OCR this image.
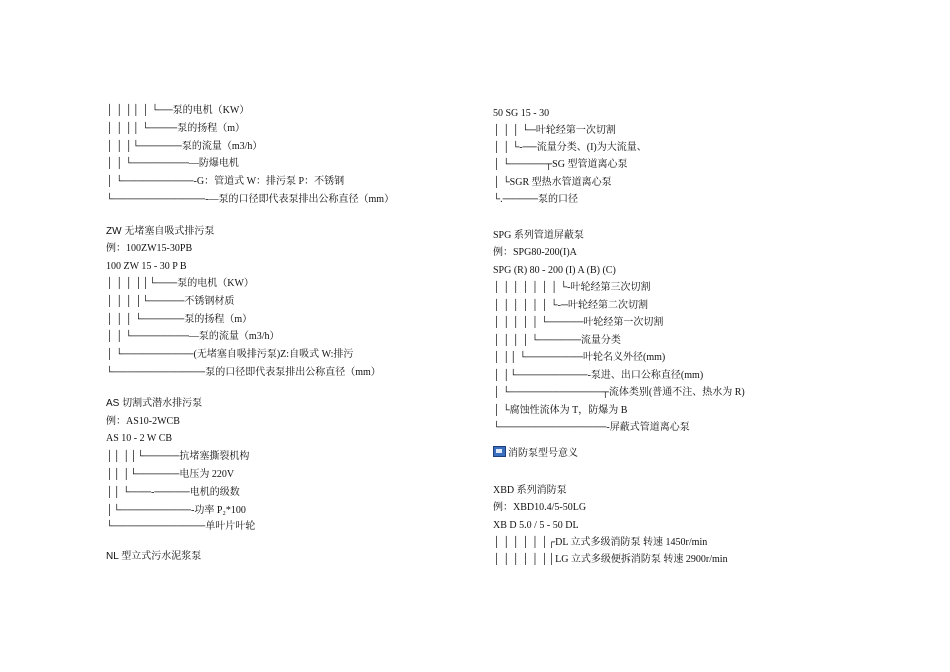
│ │ ││ │ └──泵的电机（KW）
│ │ ││ └────泵的扬程（m）
│ │ │└──────泵的流量（m3/h）
│ │ └────────—防爆电机
│ └──────────-G：管道式 W：排污泵 P：不锈钢
└─────────────-—泵的口径即代表泵排出公称直径（mm）
ZW 无堵塞自吸式排污泵
例：100ZW15-30PB
100 ZW 15 - 30 P B
│ │ │ ││└───泵的电机（KW）
│ │ │ │└─────不锈钢材质
│ │ │ └──────泵的扬程（m）
│ │ └────────—泵的流量（m3/h）
│ └──────────(无堵塞自吸排污泵)Z:自吸式 W:排污
└─────────────泵的口径即代表泵排出公称直径（mm）
AS 切割式潜水排污泵
例：AS10-2WCB
AS 10 - 2 W CB
││ ││└─────抗堵塞撕裂机构
││ │└──────电压为 220V
││ └───-─────电机的级数
│└──────────-功率 P₂*100
└─────────────单叶片叶轮
NL 型立式污水泥浆泵
50 SG 15 - 30
│ │ │ └─叶轮经第一次切割
│ │ └-──流量分类、(I)为大流量、
│ └─────┬SG 型管道离心泵
│ └SGR 型热水管道离心泵
└.─────泵的口径
SPG 系列管道屏蔽泵
例：SPG80-200(I)A
SPG (R) 80 - 200 (I) A (B) (C)
│ │ │ │ │ │ │ └-叶轮经第三次切割
│ │ │ │ │ │ └-─叶轮经第二次切割
│ │ │ │ │ └─────叶轮经第一次切割
│ │ │ │ └──────流量分类
│ ││ └────────叶轮名义外径(mm)
│ │└──────────-泵进、出口公称直径(mm)
│ └─────────────┬流体类别(普通不注、热水为 R)
│ └腐蚀性流体为 T，防爆为 B
└───────────────-屏蔽式管道离心泵
消防泵型号意义
XBD 系列消防泵
例：XBD10.4/5-50LG
XB D 5.0 / 5 - 50 DL
│ │ │ │ │ │┌DL 立式多级消防泵 转速 1450r/min
│ │ │ │ │ ││LG 立式多级便拆消防泵 转速 2900r/min
